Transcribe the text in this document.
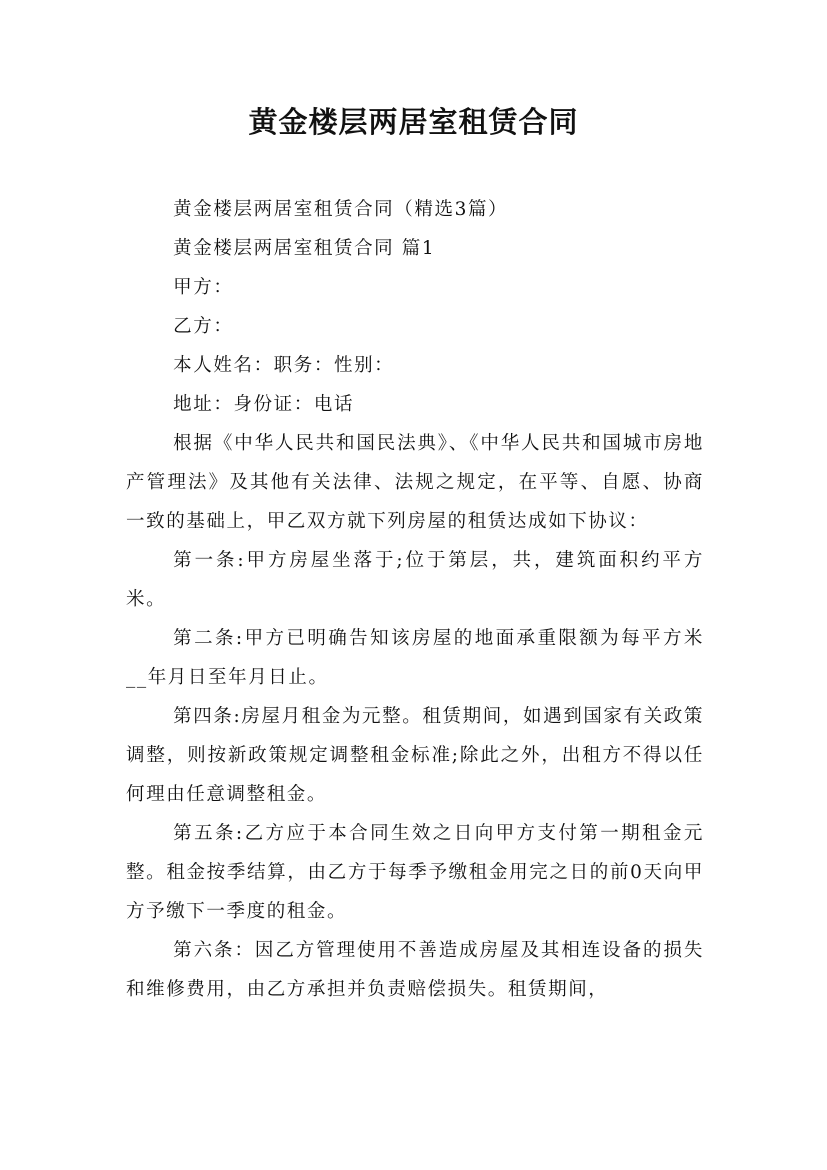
黄金楼层两居室租赁合同

黄金楼层两居室租赁合同（精选3篇）

黄金楼层两居室租赁合同 篇1

甲方：

乙方：

本人姓名：职务：性别：

地址：身份证：电话

根据《中华人民共和国民法典》、《中华人民共和国城市房地产管理法》及其他有关法律、法规之规定，在平等、自愿、协商一致的基础上，甲乙双方就下列房屋的租赁达成如下协议：

第一条:甲方房屋坐落于;位于第层，共，建筑面积约平方米。

第二条:甲方已明确告知该房屋的地面承重限额为每平方米__年月日至年月日止。

第四条:房屋月租金为元整。租赁期间，如遇到国家有关政策调整，则按新政策规定调整租金标准;除此之外，出租方不得以任何理由任意调整租金。

第五条:乙方应于本合同生效之日向甲方支付第一期租金元整。租金按季结算，由乙方于每季予缴租金用完之日的前0天向甲方予缴下一季度的租金。

第六条：因乙方管理使用不善造成房屋及其相连设备的损失和维修费用，由乙方承担并负责赔偿损失。租赁期间，
